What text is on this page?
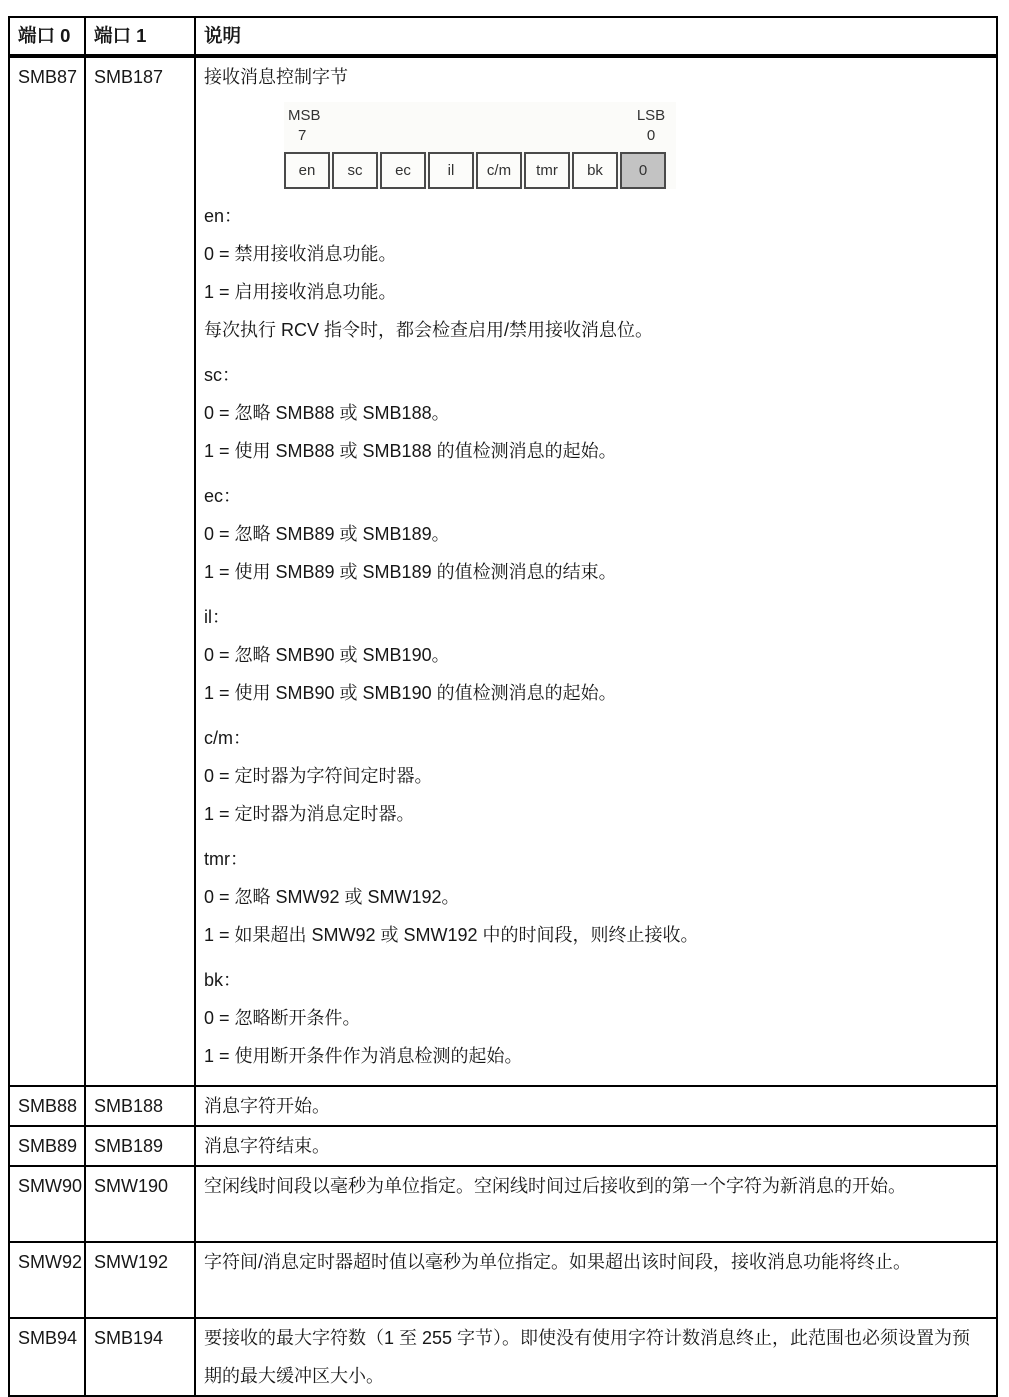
端口 0	端口 1	说明
SMB87	SMB187	接收消息控制字节
MSB
7
LSB
0
en	sc	ec	il	c/m	tmr	bk	0
en：
0 = 禁用接收消息功能。
1 = 启用接收消息功能。
每次执行 RCV 指令时，都会检查启用/禁用接收消息位。
sc：
0 = 忽略 SMB88 或 SMB188。
1 = 使用 SMB88 或 SMB188 的值检测消息的起始。
ec：
0 = 忽略 SMB89 或 SMB189。
1 = 使用 SMB89 或 SMB189 的值检测消息的结束。
il：
0 = 忽略 SMB90 或 SMB190。
1 = 使用 SMB90 或 SMB190 的值检测消息的起始。
c/m：
0 = 定时器为字符间定时器。
1 = 定时器为消息定时器。
tmr：
0 = 忽略 SMW92 或 SMW192。
1 = 如果超出 SMW92 或 SMW192 中的时间段，则终止接收。
bk：
0 = 忽略断开条件。
1 = 使用断开条件作为消息检测的起始。

SMB88	SMB188	消息字符开始。
SMB89	SMB189	消息字符结束。
SMW90	SMW190	空闲线时间段以毫秒为单位指定。空闲线时间过后接收到的第一个字符为新消息的开始。
SMW92	SMW192	字符间/消息定时器超时值以毫秒为单位指定。如果超出该时间段，接收消息功能将终止。
SMB94	SMB194	要接收的最大字符数（1 至 255 字节）。即使没有使用字符计数消息终止，此范围也必须设置为预期的最大缓冲区大小。
